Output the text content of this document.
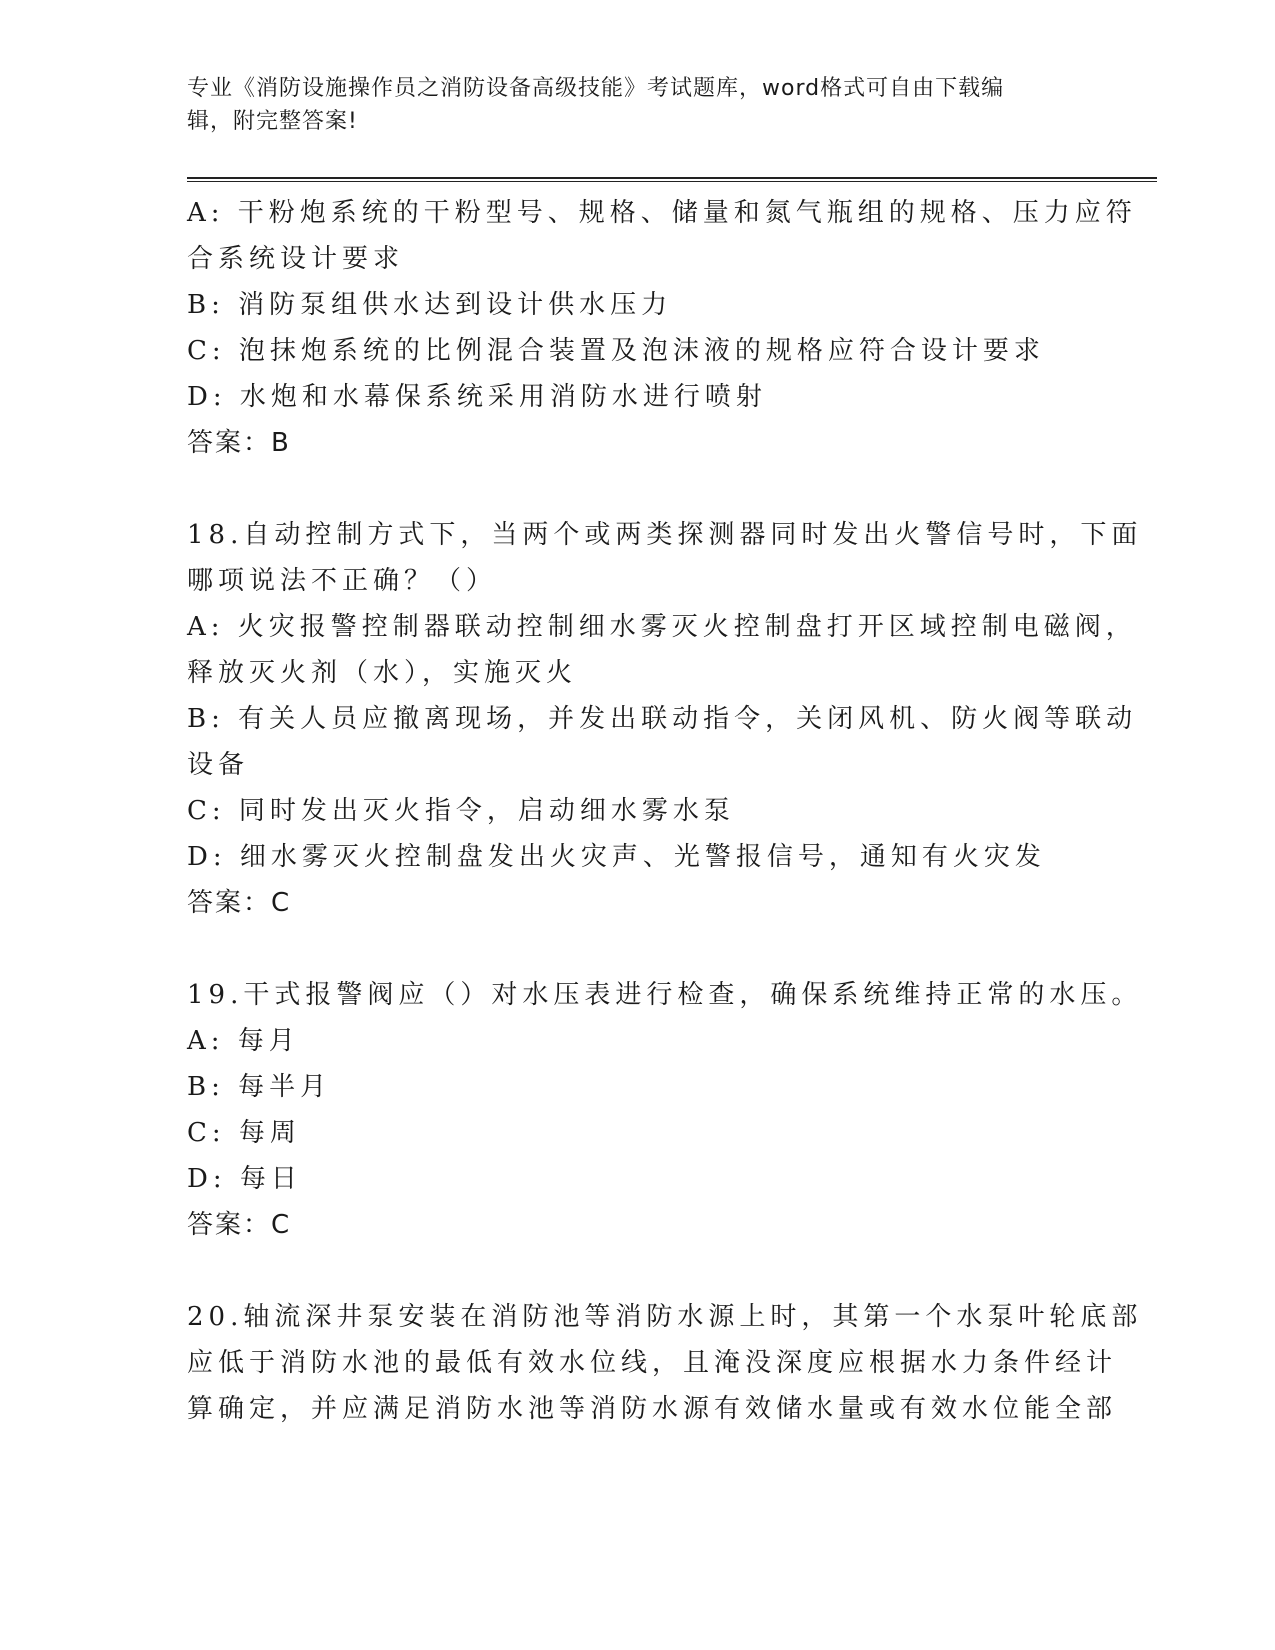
专业《消防设施操作员之消防设备高级技能》考试题库，word格式可自由下载编
辑，附完整答案!
A: 干粉炮系统的干粉型号、规格、储量和氮气瓶组的规格、压力应符
合系统设计要求
B: 消防泵组供水达到设计供水压力
C: 泡抹炮系统的比例混合装置及泡沫液的规格应符合设计要求
D: 水炮和水幕保系统采用消防水进行喷射
答案：B
18.自动控制方式下，当两个或两类探测器同时发出火警信号时，下面
哪项说法不正确？（）
A: 火灾报警控制器联动控制细水雾灭火控制盘打开区域控制电磁阀，
释放灭火剂（水），实施灭火
B: 有关人员应撤离现场，并发出联动指令，关闭风机、防火阀等联动
设备
C: 同时发出灭火指令，启动细水雾水泵
D: 细水雾灭火控制盘发出火灾声、光警报信号，通知有火灾发
答案：C
19.干式报警阀应（）对水压表进行检查，确保系统维持正常的水压。
A: 每月
B: 每半月
C: 每周
D: 每日
答案：C
20.轴流深井泵安装在消防池等消防水源上时，其第一个水泵叶轮底部
应低于消防水池的最低有效水位线，且淹没深度应根据水力条件经计
算确定，并应满足消防水池等消防水源有效储水量或有效水位能全部
